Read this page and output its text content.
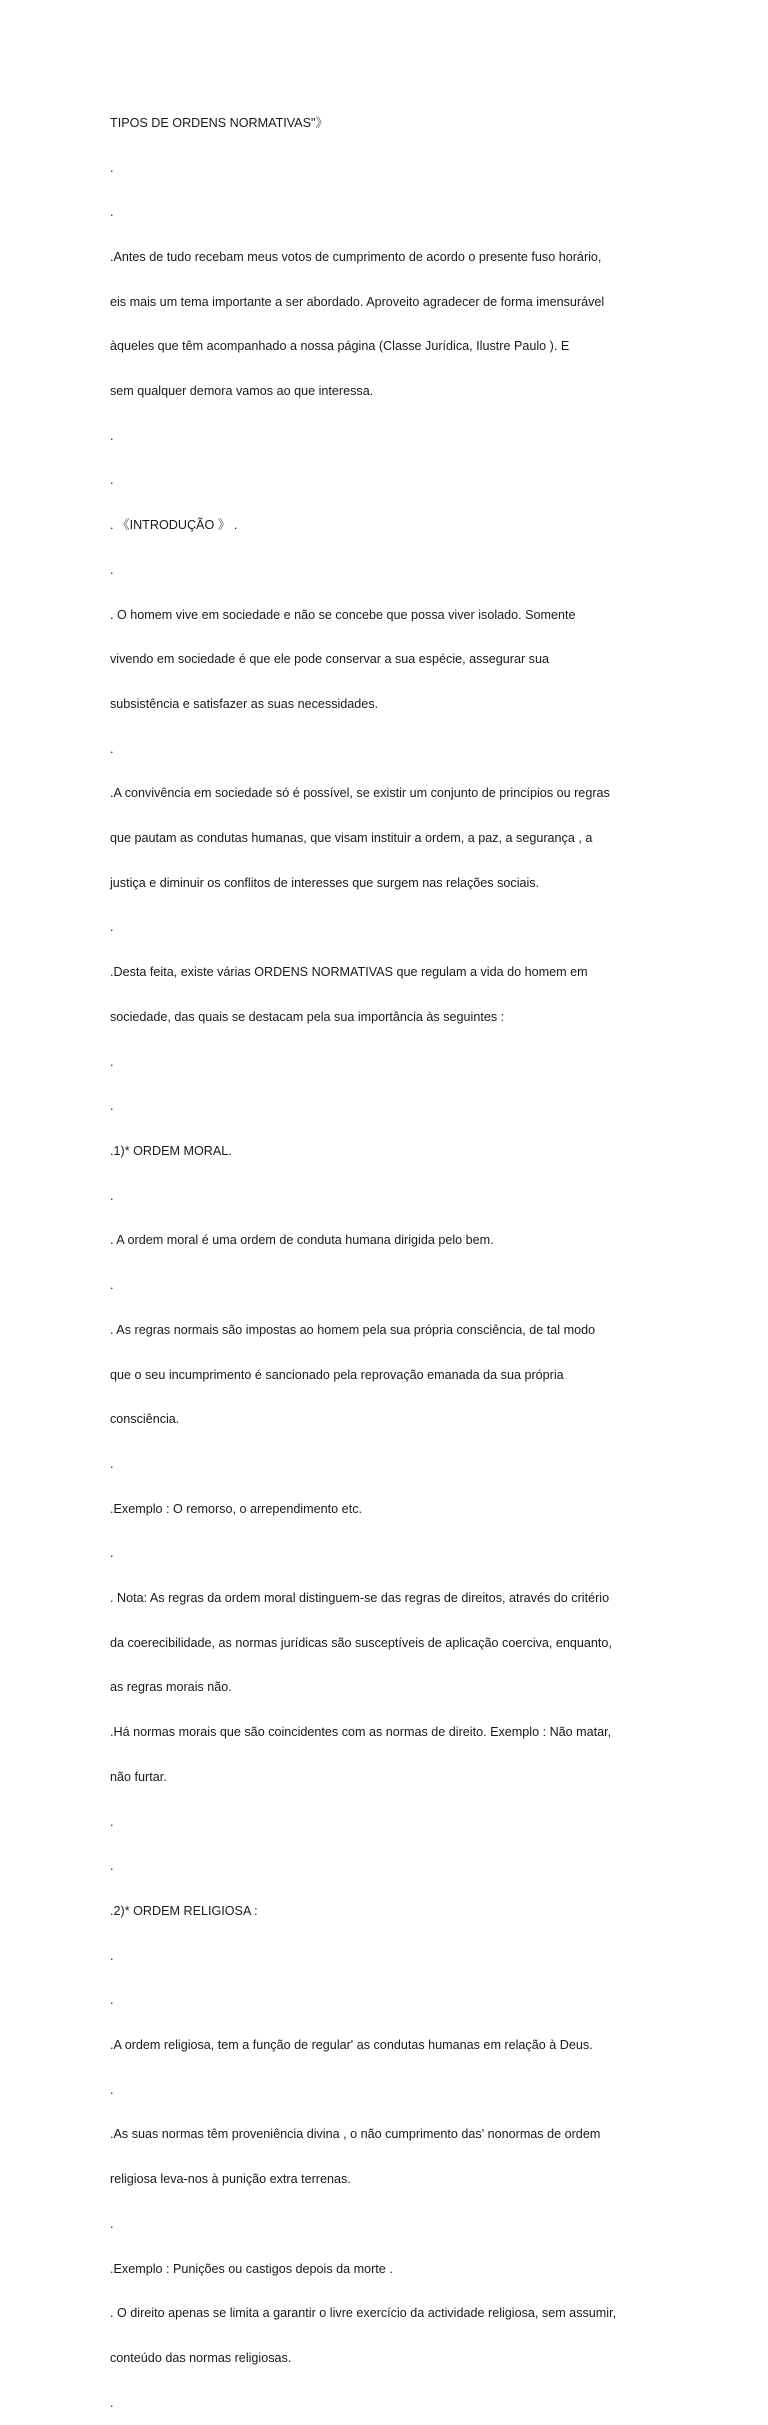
TIPOS DE ORDENS NORMATIVAS"》

.

.

.Antes de tudo recebam meus votos de cumprimento de acordo o presente fuso horário,

eis mais um tema importante a ser abordado. Aproveito agradecer de forma imensurável

àqueles que têm acompanhado a nossa página (Classe Jurídica, Ilustre Paulo ). E

sem qualquer demora vamos ao que interessa.

.

.

. 《INTRODUÇÃO 》 .

.

. O homem vive em sociedade e não se concebe que possa viver isolado. Somente

vivendo em sociedade é que ele pode conservar a sua espécie, assegurar sua

subsistência e satisfazer as suas necessidades.

.

.A convivência em sociedade só é possível, se existir um conjunto de princípios ou regras

que pautam as condutas humanas, que visam instituir a ordem, a paz, a segurança , a

justiça e diminuir os conflitos de interesses que surgem nas relações sociais.

.

.Desta feita, existe várias ORDENS NORMATIVAS que regulam a vida do homem em

sociedade, das quais se destacam pela sua importância às seguintes :

.

.

.1)* ORDEM MORAL.

.

. A ordem moral é uma ordem de conduta humana dirigida pelo bem.

.

. As regras normais são impostas ao homem pela sua própria consciência, de tal modo

que o seu incumprimento é sancionado pela reprovação emanada da sua própria

consciência.

.

.Exemplo : O remorso, o arrependimento etc.

.

. Nota: As regras da ordem moral distinguem-se das regras de direitos, através do critério

da coerecibilidade, as normas jurídicas são susceptíveis de aplicação coerciva, enquanto,

as regras morais não.

.Há normas morais que são coincidentes com as normas de direito. Exemplo : Não matar,

não furtar.

.

.

.2)* ORDEM RELIGIOSA :

.

.

.A ordem religiosa, tem a função de regular' as condutas humanas em relação à Deus.

.

.As suas normas têm proveniência divina , o não cumprimento das' nonormas de ordem

religiosa leva-nos à punição extra terrenas.

.

.Exemplo : Punições ou castigos depois da morte .

. O direito apenas se limita a garantir o livre exercício da actividade religiosa, sem assumir,

conteúdo das normas religiosas.

.
